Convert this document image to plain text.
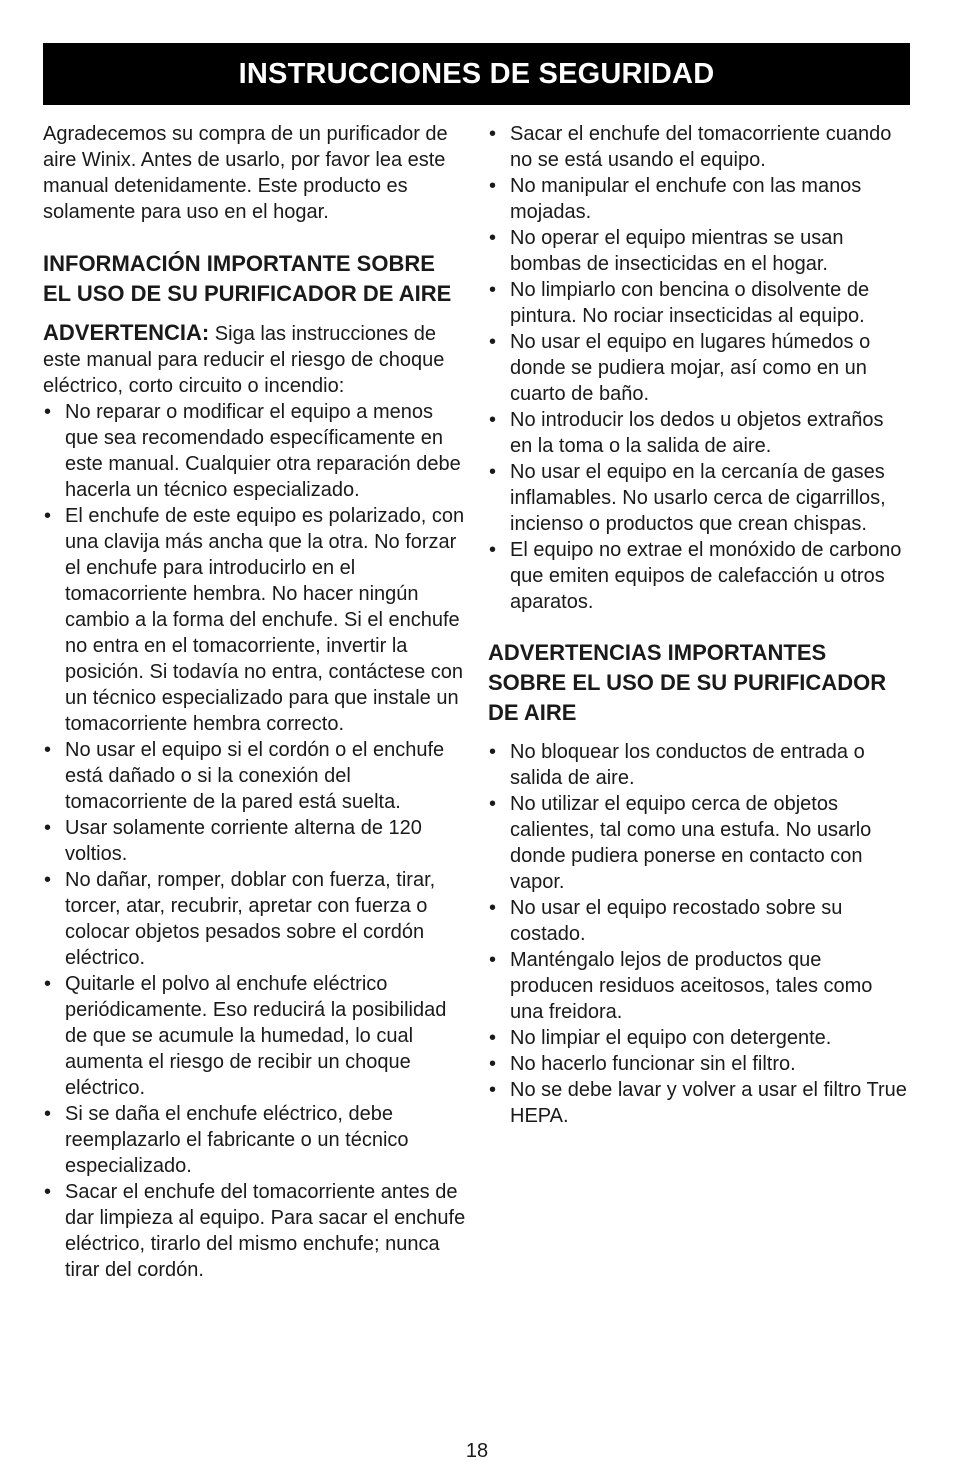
INSTRUCCIONES DE SEGURIDAD

Agradecemos su compra de un purificador de aire Winix. Antes de usarlo, por favor lea este manual detenidamente. Este producto es solamente para uso en el hogar.

INFORMACIÓN IMPORTANTE SOBRE EL USO DE SU PURIFICADOR DE AIRE

ADVERTENCIA: Siga las instrucciones de este manual para reducir el riesgo de choque eléctrico, corto circuito o incendio:

• No reparar o modificar el equipo a menos que sea recomendado específicamente en este manual. Cualquier otra reparación debe hacerla un técnico especializado.
• El enchufe de este equipo es polarizado, con una clavija más ancha que la otra. No forzar el enchufe para introducirlo en el tomacorriente hembra. No hacer ningún cambio a la forma del enchufe. Si el enchufe no entra en el tomacorriente, invertir la posición. Si todavía no entra, contáctese con un técnico especializado para que instale un tomacorriente hembra correcto.
• No usar el equipo si el cordón o el enchufe está dañado o si la conexión del tomacorriente de la pared está suelta.
• Usar solamente corriente alterna de 120 voltios.
• No dañar, romper, doblar con fuerza, tirar, torcer, atar, recubrir, apretar con fuerza o colocar objetos pesados sobre el cordón eléctrico.
• Quitarle el polvo al enchufe eléctrico periódicamente. Eso reducirá la posibilidad de que se acumule la humedad, lo cual aumenta el riesgo de recibir un choque eléctrico.
• Si se daña el enchufe eléctrico, debe reemplazarlo el fabricante o un técnico especializado.
• Sacar el enchufe del tomacorriente antes de dar limpieza al equipo. Para sacar el enchufe eléctrico, tirarlo del mismo enchufe; nunca tirar del cordón.
• Sacar el enchufe del tomacorriente cuando no se está usando el equipo.
• No manipular el enchufe con las manos mojadas.
• No operar el equipo mientras se usan bombas de insecticidas en el hogar.
• No limpiarlo con bencina o disolvente de pintura. No rociar insecticidas al equipo.
• No usar el equipo en lugares húmedos o donde se pudiera mojar, así como en un cuarto de baño.
• No introducir los dedos u objetos extraños en la toma o la salida de aire.
• No usar el equipo en la cercanía de gases inflamables. No usarlo cerca de cigarrillos, incienso o productos que crean chispas.
• El equipo no extrae el monóxido de carbono que emiten equipos de calefacción u otros aparatos.
ADVERTENCIAS IMPORTANTES SOBRE EL USO DE SU PURIFICADOR DE AIRE
• No bloquear los conductos de entrada o salida de aire.
• No utilizar el equipo cerca de objetos calientes, tal como una estufa. No usarlo donde pudiera ponerse en contacto con vapor.
• No usar el equipo recostado sobre su costado.
• Manténgalo lejos de productos que producen residuos aceitosos, tales como una freidora.
• No limpiar el equipo con detergente.
• No hacerlo funcionar sin el filtro.
• No se debe lavar y volver a usar el filtro True HEPA.
18
